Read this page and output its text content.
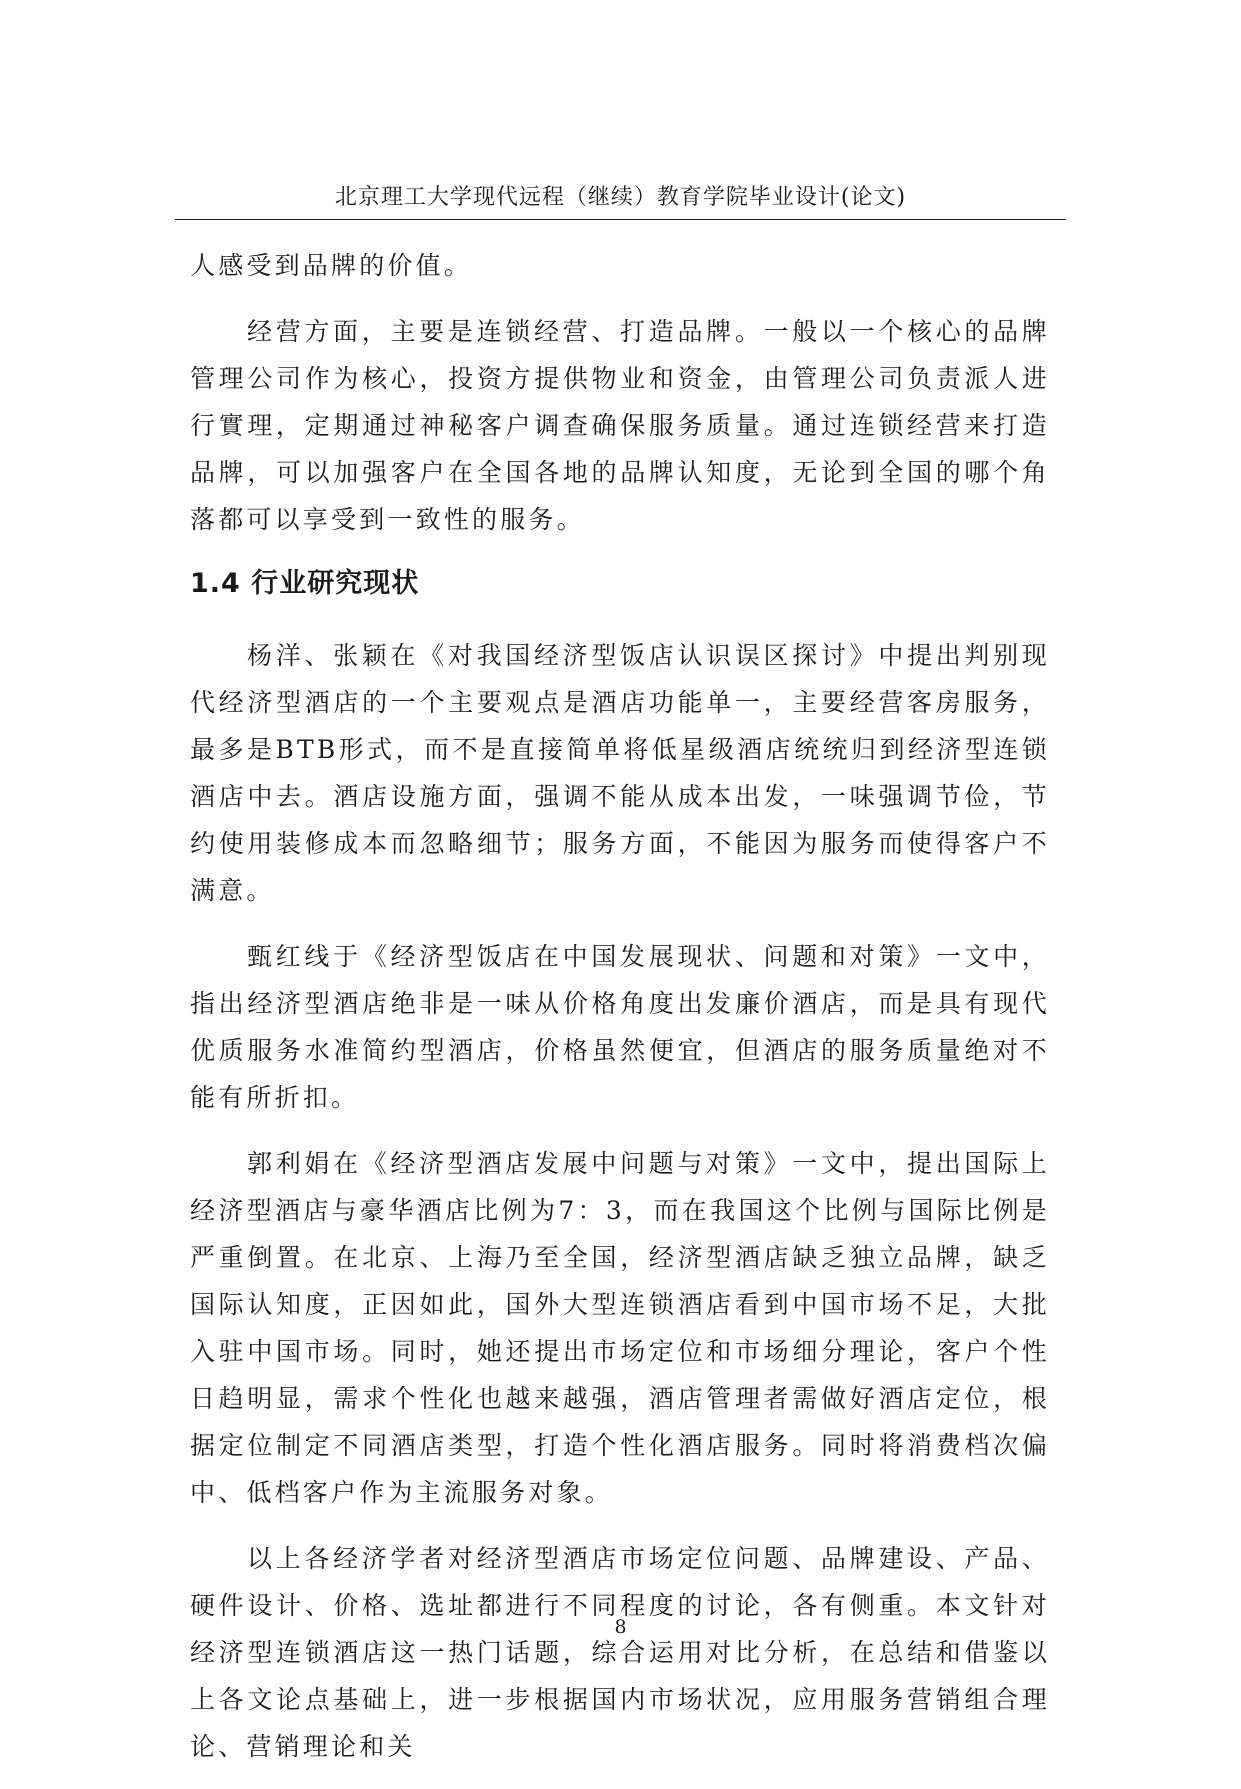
北京理工大学现代远程（继续）教育学院毕业设计(论文)

人感受到品牌的价值。

经营方面，主要是连锁经营、打造品牌。一般以一个核心的品牌管理公司作为核心，投资方提供物业和资金，由管理公司负责派人进行實理，定期通过神秘客户调查确保服务质量。通过连锁经营来打造品牌，可以加强客户在全国各地的品牌认知度，无论到全国的哪个角落都可以享受到一致性的服务。

1.4 行业研究现状

杨洋、张颖在《对我国经济型饭店认识误区探讨》中提出判别现代经济型酒店的一个主要观点是酒店功能单一，主要经营客房服务，最多是BTB形式，而不是直接简单将低星级酒店统统归到经济型连锁酒店中去。酒店设施方面，强调不能从成本出发，一味强调节俭，节约使用装修成本而忽略细节；服务方面，不能因为服务而使得客户不满意。

甄红线于《经济型饭店在中国发展现状、问题和对策》一文中，指出经济型酒店绝非是一味从价格角度出发廉价酒店，而是具有现代优质服务水准简约型酒店，价格虽然便宜，但酒店的服务质量绝对不能有所折扣。

郭利娟在《经济型酒店发展中问题与对策》一文中，提出国际上经济型酒店与豪华酒店比例为7：3，而在我国这个比例与国际比例是严重倒置。在北京、上海乃至全国，经济型酒店缺乏独立品牌，缺乏国际认知度，正因如此，国外大型连锁酒店看到中国市场不足，大批入驻中国市场。同时，她还提出市场定位和市场细分理论，客户个性日趋明显，需求个性化也越来越强，酒店管理者需做好酒店定位，根据定位制定不同酒店类型，打造个性化酒店服务。同时将消费档次偏中、低档客户作为主流服务对象。

以上各经济学者对经济型酒店市场定位问题、品牌建设、产品、硬件设计、价格、选址都进行不同程度的讨论，各有侧重。本文针对经济型连锁酒店这一热门话题，综合运用对比分析，在总结和借鉴以上各文论点基础上，进一步根据国内市场状况，应用服务营销组合理论、营销理论和关

8
